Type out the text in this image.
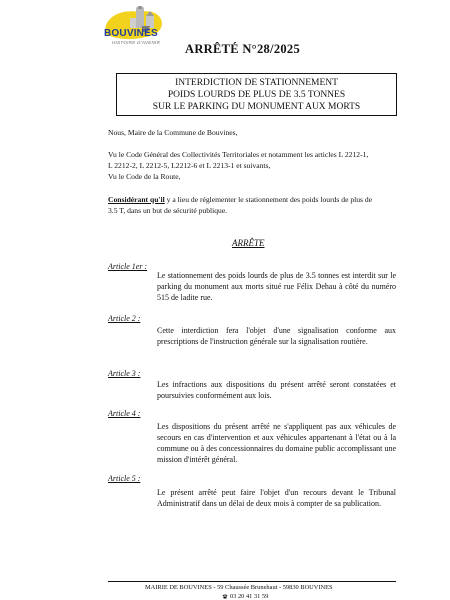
BOUVINES
HISTOIRE D'AVENIR ARRÊTÉ N°28/2025
INTERDICTION DE STATIONNEMENT
POIDS LOURDS DE PLUS DE 3.5 TONNES
SUR LE PARKING DU MONUMENT AUX MORTS
Nous, Maire de la Commune de Bouvines,
Vu le Code Général des Collectivités Territoriales et notamment les articles L 2212-1,
L 2212-2, L 2212-5, L2212-6 et L 2213-1 et suivants,
Vu le Code de la Route,
Considérant qu'il y a lieu de réglementer le stationnement des poids lourds de plus de
3.5 T, dans un but de sécurité publique.
ARRÊTE
Article 1er :
Le stationnement des poids lourds de plus de 3.5 tonnes est interdit sur le parking du monument aux morts situé rue Félix Dehau à côté du numéro 515 de ladite rue.
Article 2 :
Cette interdiction fera l'objet d'une signalisation conforme aux prescriptions de l'instruction générale sur la signalisation routière.
Article 3 :
Les infractions aux dispositions du présent arrêté seront constatées et poursuivies conformément aux lois.
Article 4 :
Les dispositions du présent arrêté ne s'appliquent pas aux véhicules de secours en cas d'intervention et aux véhicules appartenant à l'état ou à la commune ou à des concessionnaires du domaine public accomplissant une mission d'intérêt général.
Article 5 :
Le présent arrêté peut faire l'objet d'un recours devant le Tribunal Administratif dans un délai de deux mois à compter de sa publication.
MAIRIE DE BOUVINES - 59 Chaussée Brunehaut - 59830 BOUVINES
03 20 41 31 59
